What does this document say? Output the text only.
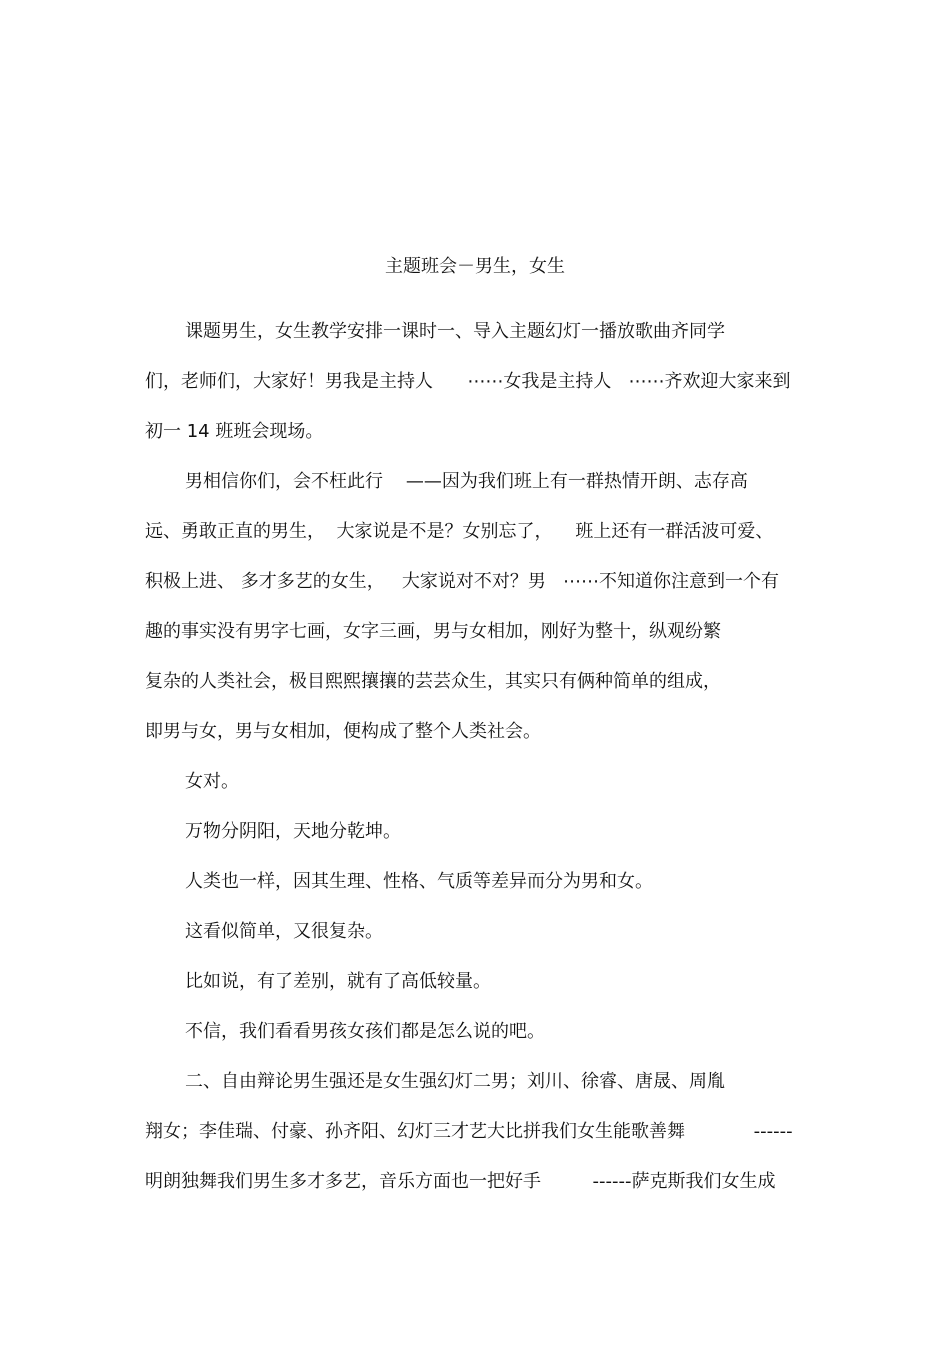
主题班会－男生，女生
课题男生，女生教学安排一课时一、导入主题幻灯一播放歌曲齐同学
们，老师们，大家好！男我是主持人      ⋯⋯女我是主持人   ⋯⋯齐欢迎大家来到
初一 14 班班会现场。
男相信你们，会不枉此行    ——因为我们班上有一群热情开朗、志存高
远、勇敢正直的男生，  大家说是不是？女别忘了，    班上还有一群活波可爱、
积极上进、 多才多艺的女生，   大家说对不对？男   ⋯⋯不知道你注意到一个有
趣的事实没有男字七画，女字三画，男与女相加，刚好为整十，纵观纷繁
复杂的人类社会，极目熙熙攘攘的芸芸众生，其实只有俩种简单的组成，
即男与女，男与女相加，便构成了整个人类社会。
女对。
万物分阴阳，天地分乾坤。
人类也一样，因其生理、性格、气质等差异而分为男和女。
这看似简单，又很复杂。
比如说，有了差别，就有了高低较量。
不信，我们看看男孩女孩们都是怎么说的吧。
二、自由辩论男生强还是女生强幻灯二男；刘川、徐睿、唐晟、周胤
翔女；李佳瑞、付豪、孙齐阳、幻灯三才艺大比拼我们女生能歌善舞            ------
明朗独舞我们男生多才多艺，音乐方面也一把好手         ------萨克斯我们女生成
